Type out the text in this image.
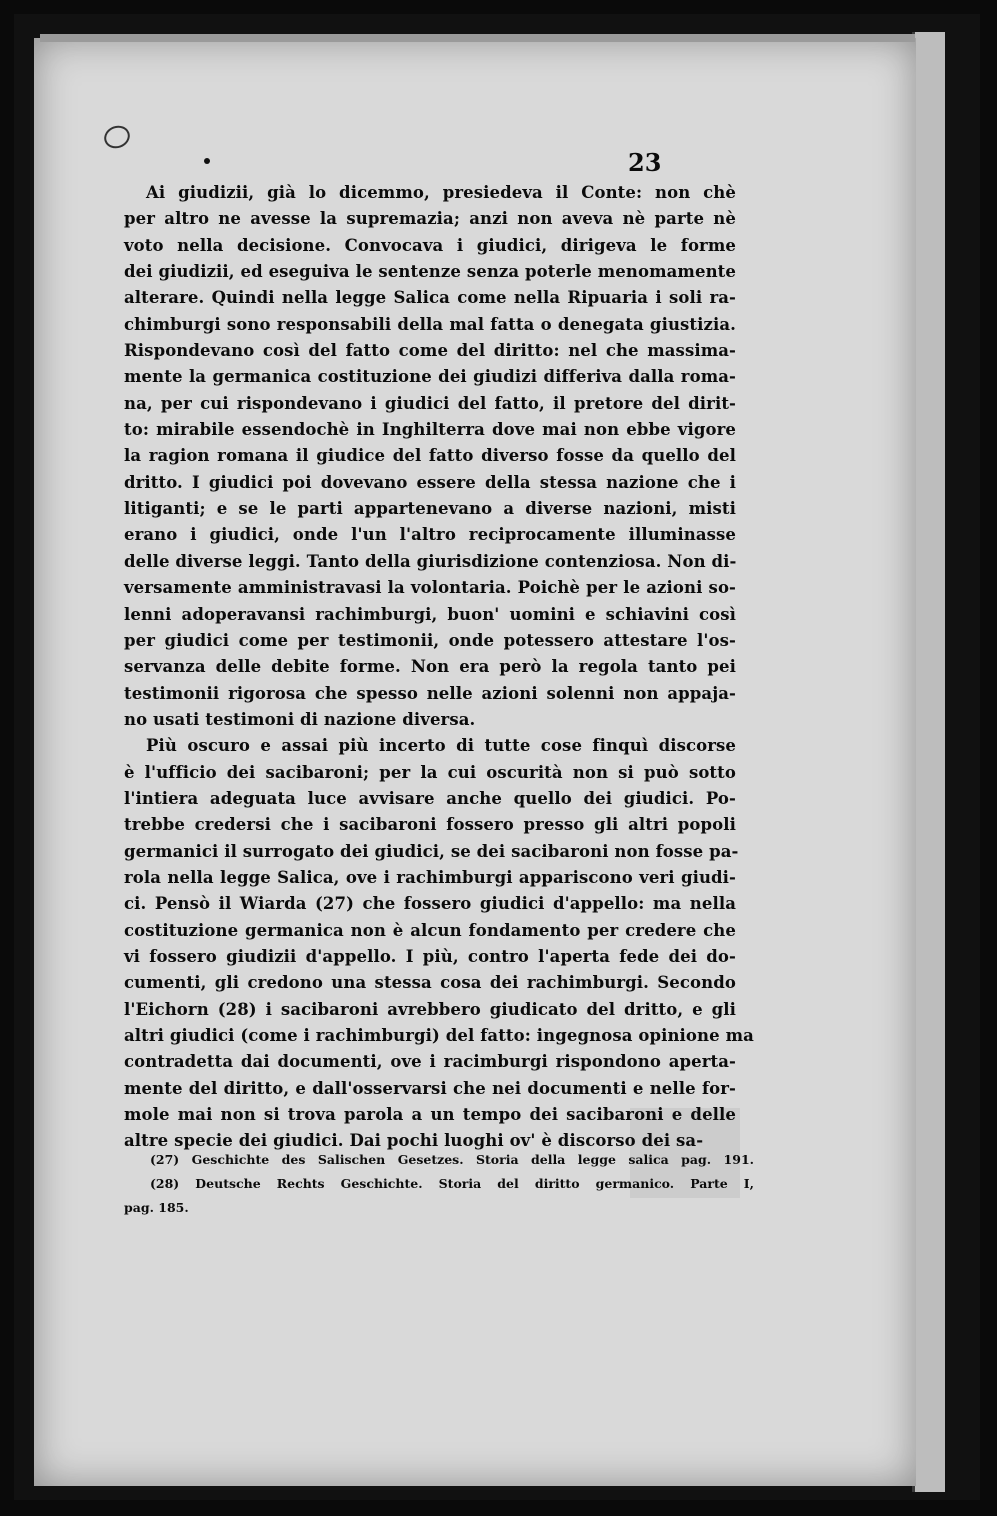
23
Ai giudizii, già lo dicemmo, presiedeva il Conte: non chè
per altro ne avesse la supremazia; anzi non aveva nè parte nè
voto nella decisione. Convocava i giudici, dirigeva le forme
dei giudizii, ed eseguiva le sentenze senza poterle menomamente
alterare. Quindi nella legge Salica come nella Ripuaria i soli ra-
chimburgi sono responsabili della mal fatta o denegata giustizia.
Rispondevano così del fatto come del diritto: nel che massima-
mente la germanica costituzione dei giudizi differiva dalla roma-
na, per cui rispondevano i giudici del fatto, il pretore del dirit-
to: mirabile essendochè in Inghilterra dove mai non ebbe vigore
la ragion romana il giudice del fatto diverso fosse da quello del
dritto. I giudici poi dovevano essere della stessa nazione che i
litiganti; e se le parti appartenevano a diverse nazioni, misti
erano i giudici, onde l'un l'altro reciprocamente illuminasse
delle diverse leggi. Tanto della giurisdizione contenziosa. Non di-
versamente amministravasi la volontaria. Poichè per le azioni so-
lenni adoperavansi rachimburgi, buon' uomini e schiavini così
per giudici come per testimonii, onde potessero attestare l'os-
servanza delle debite forme. Non era però la regola tanto pei
testimonii rigorosa che spesso nelle azioni solenni non appaja-
no usati testimoni di nazione diversa.
Più oscuro e assai più incerto di tutte cose finquì discorse
è l'ufficio dei sacibaroni; per la cui oscurità non si può sotto
l'intiera adeguata luce avvisare anche quello dei giudici. Po-
trebbe credersi che i sacibaroni fossero presso gli altri popoli
germanici il surrogato dei giudici, se dei sacibaroni non fosse pa-
rola nella legge Salica, ove i rachimburgi appariscono veri giudi-
ci. Pensò il Wiarda (27) che fossero giudici d'appello: ma nella
costituzione germanica non è alcun fondamento per credere che
vi fossero giudizii d'appello. I più, contro l'aperta fede dei do-
cumenti, gli credono una stessa cosa dei rachimburgi. Secondo
l'Eichorn (28) i sacibaroni avrebbero giudicato del dritto, e gli
altri giudici (come i rachimburgi) del fatto: ingegnosa opinione ma
contradetta dai documenti, ove i racimburgi rispondono aperta-
mente del diritto, e dall'osservarsi che nei documenti e nelle for-
mole mai non si trova parola a un tempo dei sacibaroni e delle
altre specie dei giudici. Dai pochi luoghi ov' è discorso dei sa-
(27) Geschichte des Salischen Gesetzes. Storia della legge salica pag. 191.
(28) Deutsche Rechts Geschichte. Storia del diritto germanico. Parte I,
pag. 185.
